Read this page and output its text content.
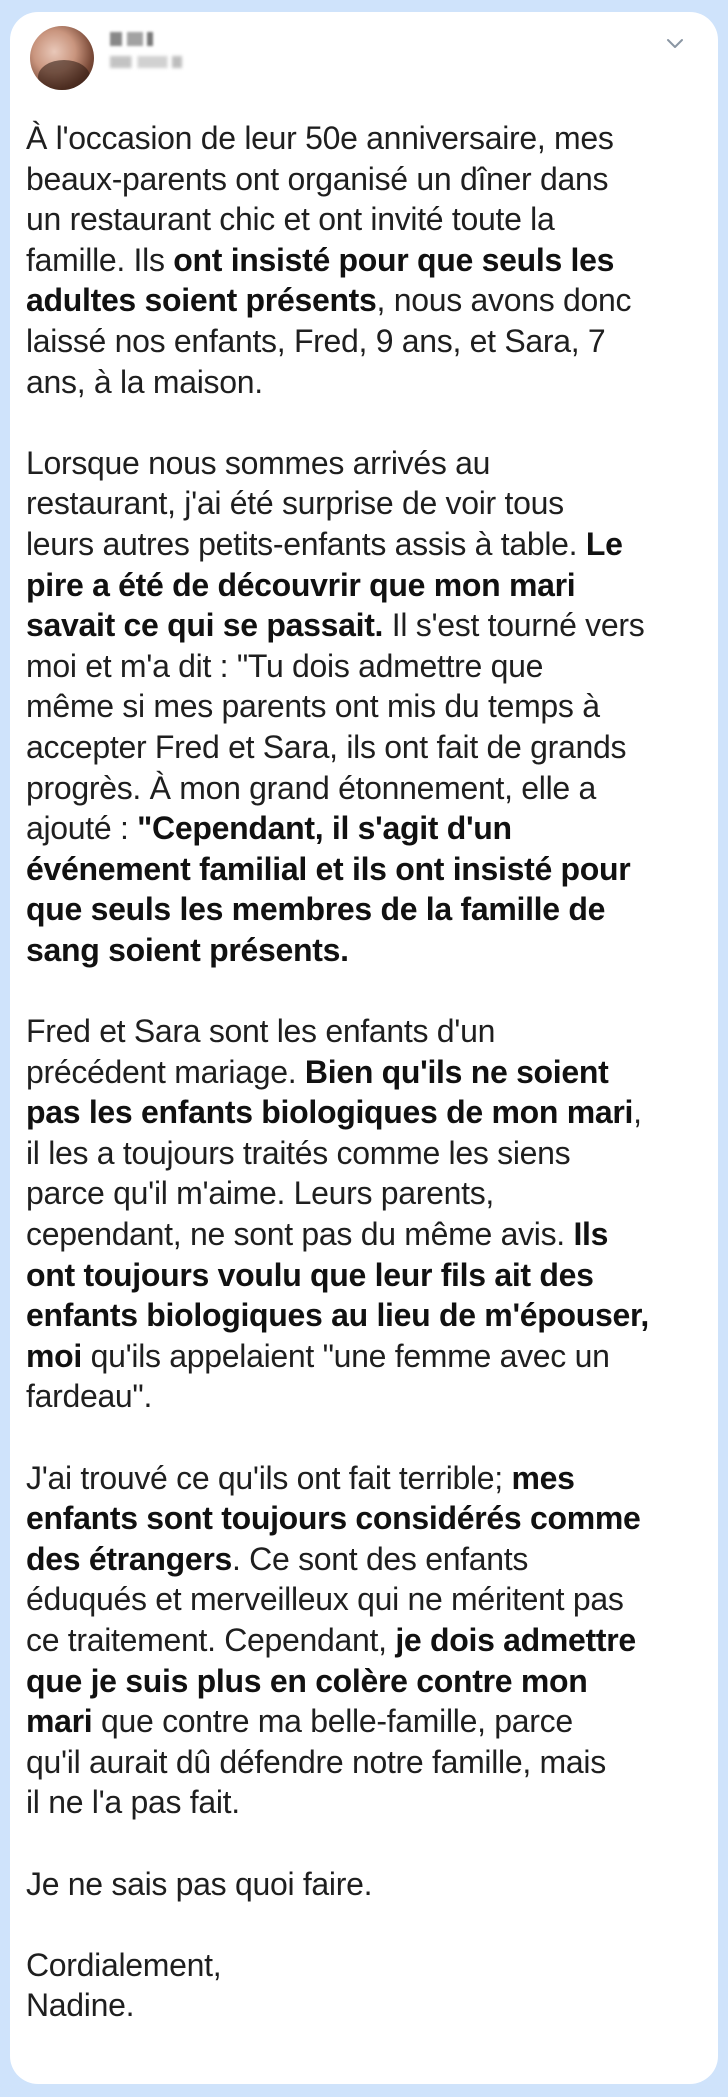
À l'occasion de leur 50e anniversaire, mes
beaux-parents ont organisé un dîner dans
un restaurant chic et ont invité toute la
famille. Ils ont insisté pour que seuls les
adultes soient présents, nous avons donc
laissé nos enfants, Fred, 9 ans, et Sara, 7
ans, à la maison.

Lorsque nous sommes arrivés au
restaurant, j'ai été surprise de voir tous
leurs autres petits-enfants assis à table. Le
pire a été de découvrir que mon mari
savait ce qui se passait. Il s'est tourné vers
moi et m'a dit : "Tu dois admettre que
même si mes parents ont mis du temps à
accepter Fred et Sara, ils ont fait de grands
progrès. À mon grand étonnement, elle a
ajouté : "Cependant, il s'agit d'un
événement familial et ils ont insisté pour
que seuls les membres de la famille de
sang soient présents.

Fred et Sara sont les enfants d'un
précédent mariage. Bien qu'ils ne soient
pas les enfants biologiques de mon mari,
il les a toujours traités comme les siens
parce qu'il m'aime. Leurs parents,
cependant, ne sont pas du même avis. Ils
ont toujours voulu que leur fils ait des
enfants biologiques au lieu de m'épouser,
moi qu'ils appelaient "une femme avec un
fardeau".

J'ai trouvé ce qu'ils ont fait terrible; mes
enfants sont toujours considérés comme
des étrangers. Ce sont des enfants
éduqués et merveilleux qui ne méritent pas
ce traitement. Cependant, je dois admettre
que je suis plus en colère contre mon
mari que contre ma belle-famille, parce
qu'il aurait dû défendre notre famille, mais
il ne l'a pas fait.

Je ne sais pas quoi faire.

Cordialement,
Nadine.
